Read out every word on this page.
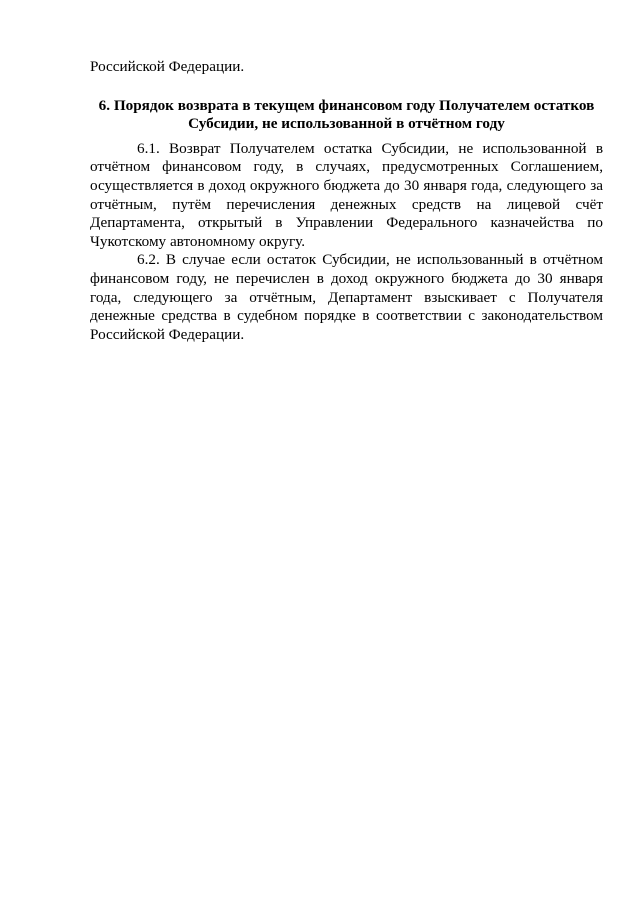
Российской Федерации.

6. Порядок возврата в текущем финансовом году Получателем остатков Субсидии, не использованной в отчётном году

6.1. Возврат Получателем остатка Субсидии, не использованной в отчётном финансовом году, в случаях, предусмотренных Соглашением, осуществляется в доход окружного бюджета до 30 января года, следующего за отчётным, путём перечисления денежных средств на лицевой счёт Департамента, открытый в Управлении Федерального казначейства по Чукотскому автономному округу.

6.2. В случае если остаток Субсидии, не использованный в отчётном финансовом году, не перечислен в доход окружного бюджета до 30 января года, следующего за отчётным, Департамент взыскивает с Получателя денежные средства в судебном порядке в соответствии с законодательством Российской Федерации.
